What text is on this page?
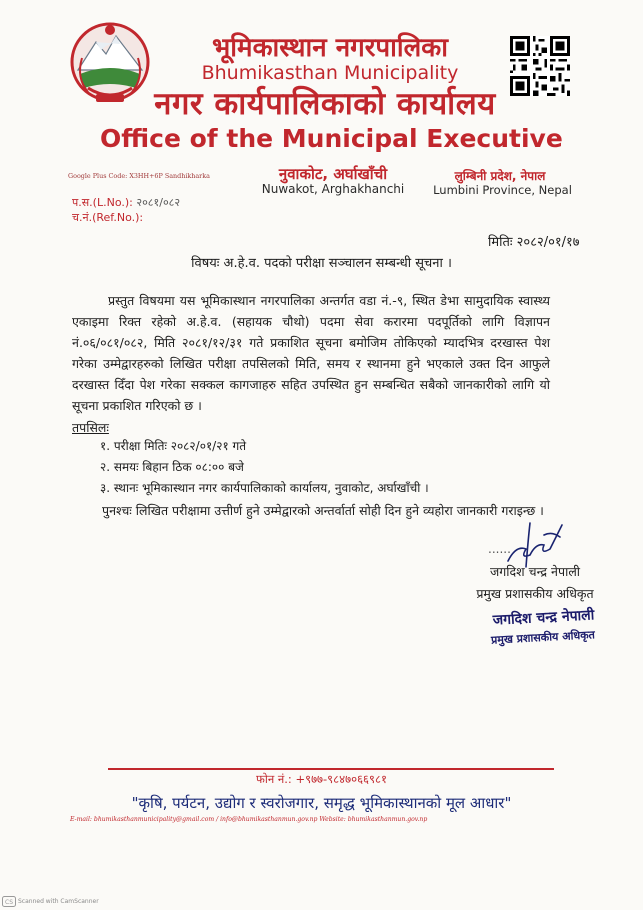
भूमिकास्थान नगरपालिका
Bhumikasthan Municipality
नगर कार्यपालिकाको कार्यालय
Office of the Municipal Executive
Google Plus Code: X3HH+6P Sandhikharka	नुवाकोट, अर्घाखाँची
Nuwakot, Arghakhanchi
लुम्बिनी प्रदेश, नेपाल
Lumbini Province, Nepal
प.स.(L.No.): २०८१/०८२
च.नं.(Ref.No.):
मितिः २०८२/०१/१७
विषयः अ.हे.व. पदको परीक्षा सञ्चालन सम्बन्धी सूचना ।
प्रस्तुत विषयमा यस भूमिकास्थान नगरपालिका अन्तर्गत वडा नं.-९, स्थित डेभा सामुदायिक स्वास्थ्य एकाइमा रिक्त रहेको अ.हे.व. (सहायक चौथो) पदमा सेवा करारमा पदपूर्तिको लागि विज्ञापन नं.०६/०८१/०८२, मिति २०८१/१२/३१ गते प्रकाशित सूचना बमोजिम तोकिएको म्यादभित्र दरखास्त पेश गरेका उम्मेद्वारहरुको लिखित परीक्षा तपसिलको मिति, समय र स्थानमा हुने भएकाले उक्त दिन आफुले दरखास्त दिँदा पेश गरेका सक्कल कागजाहरु सहित उपस्थित हुन सम्बन्धित सबैको जानकारीको लागि यो सूचना प्रकाशित गरिएको छ ।
तपसिलः
१. परीक्षा मितिः २०८२/०१/२१ गते
२. समयः बिहान ठिक ०८:०० बजे
३. स्थानः भूमिकास्थान नगर कार्यपालिकाको कार्यालय, नुवाकोट, अर्घाखाँची ।
पुनश्चः लिखित परीक्षामा उत्तीर्ण हुने उम्मेद्वारको अन्तर्वार्ता सोही दिन हुने व्यहोरा जानकारी गराइन्छ ।
......
जगदिश चन्द्र नेपाली
प्रमुख प्रशासकीय अधिकृत
जगदिश चन्द्र नेपाली
प्रमुख प्रशासकीय अधिकृत
फोन नं.: +९७७-९८४७०६६९८१
"कृषि, पर्यटन, उद्योग र स्वरोजगार, समृद्ध भूमिकास्थानको मूल आधार"
E-mail: bhumikasthanmunicipality@gmail.com / info@bhumikasthanmun.gov.np Website: bhumikasthanmun.gov.np
CS Scanned with CamScanner
